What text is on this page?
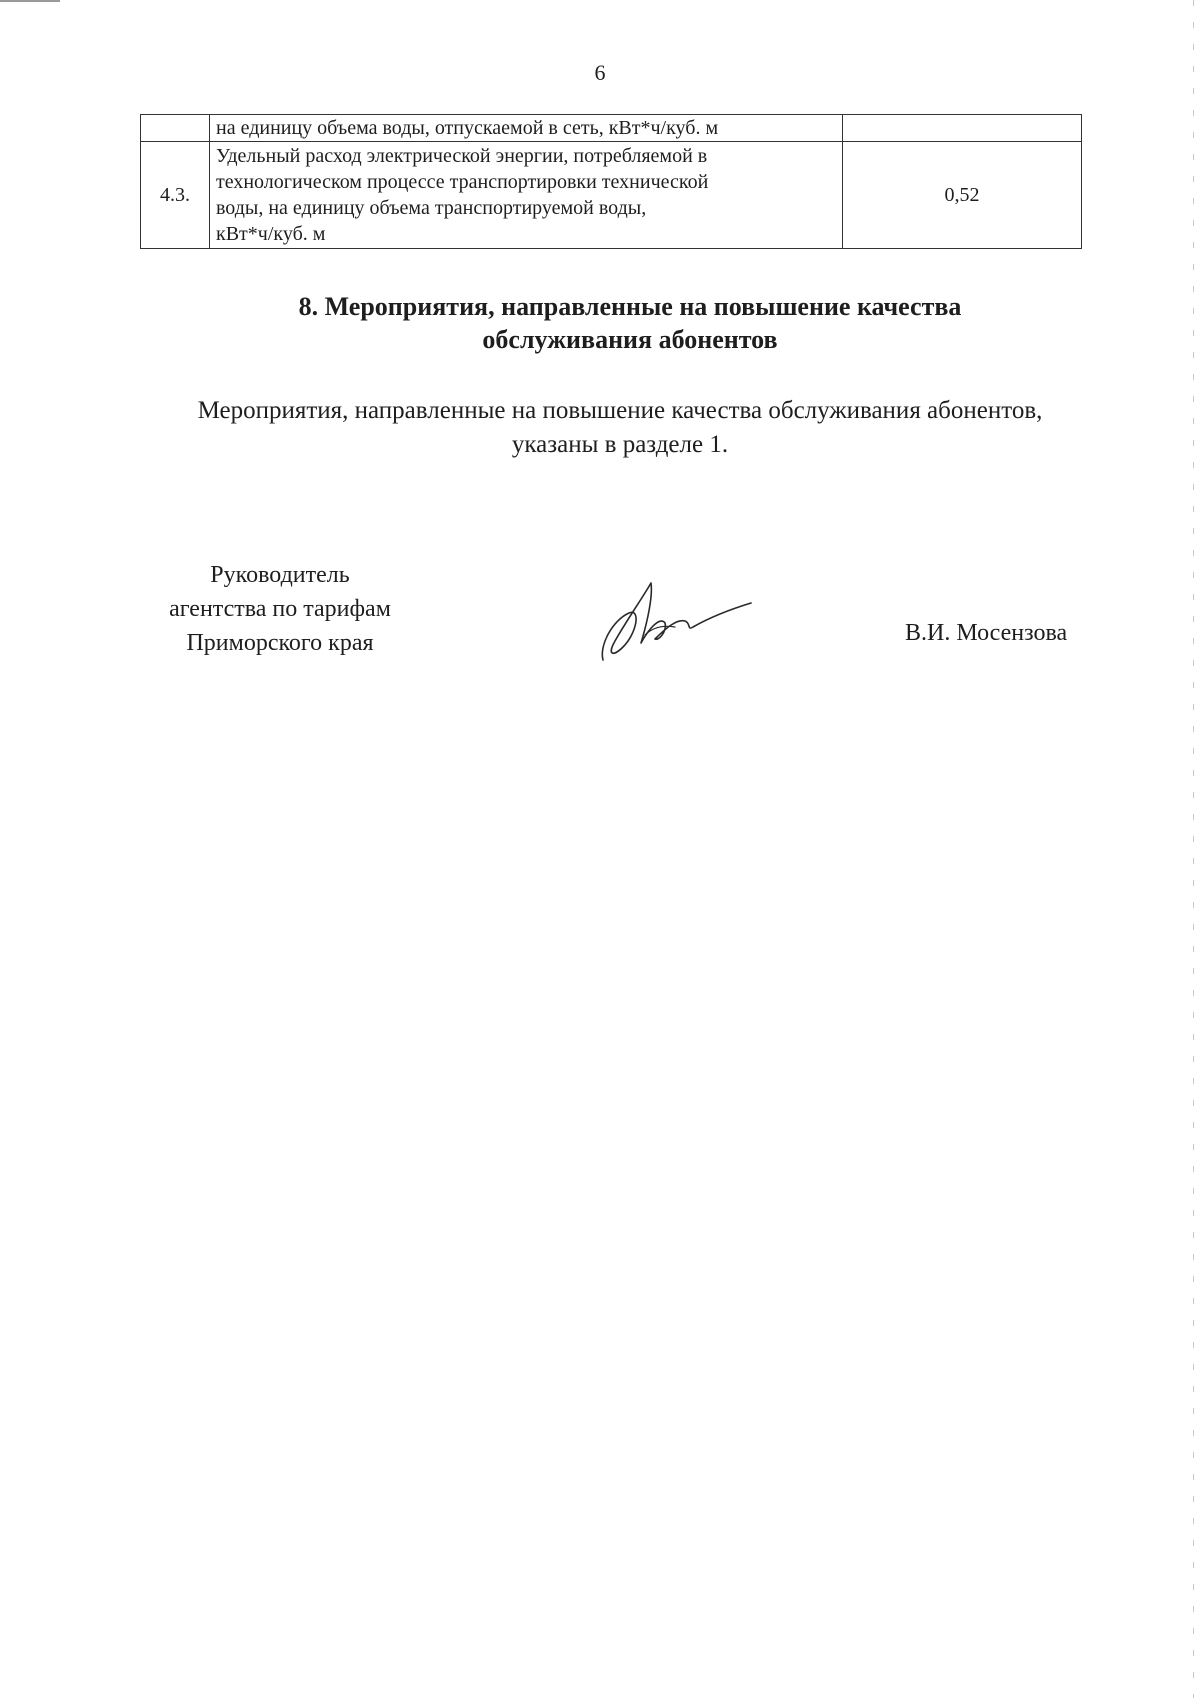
6
	на единицу объема воды, отпускаемой в сеть, кВт*ч/куб. м	
4.3.	Удельный расход электрической энергии, потребляемой в
технологическом процессе транспортировки технической
воды, на единицу объема транспортируемой воды,
кВт*ч/куб. м	0,52
8. Мероприятия, направленные на повышение качества
обслуживания абонентов
Мероприятия, направленные на повышение качества обслуживания абонентов,
указаны в разделе 1.
Руководитель
агентства по тарифам
Приморского края	В.И. Мосензова
